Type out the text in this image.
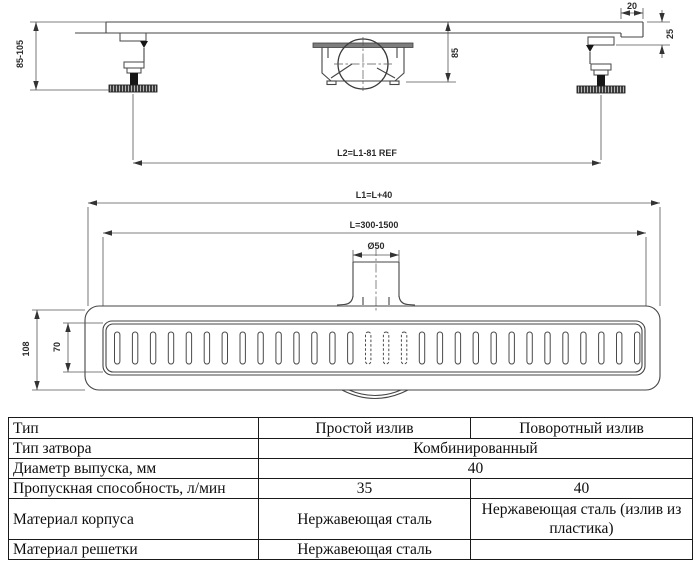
85-105	85
20
25
L2=L1-81 REF
L1=L+40
L=300-1500
Ø50
108 70
Тип	Простой излив	Поворотный излив
Тип затвора	Комбинированный	
Диаметр выпуска, мм	40	
Пропускная способность, л/мин	35	40
Материал корпуса	Нержавеющая сталь	Нержавеющая сталь (излив из пластика)
Материал решетки	Нержавеющая сталь	
